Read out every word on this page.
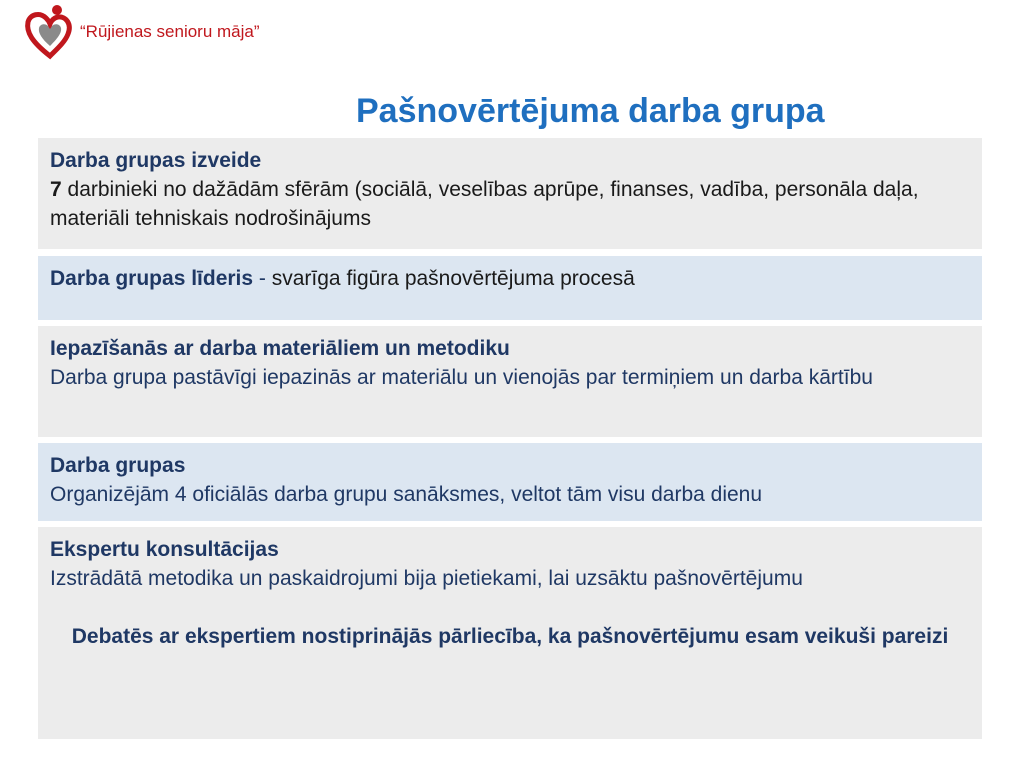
“Rūjienas senioru māja”
Pašnovērtējuma darba grupa
Darba grupas izveide
7 darbinieki no dažādām sfērām (sociālā, veselības aprūpe, finanses, vadība, personāla daļa, materiāli tehniskais nodrošinājums
Darba grupas līderis - svarīga figūra pašnovērtējuma procesā
Iepazīšanās ar darba materiāliem un metodiku
Darba grupa pastāvīgi iepazinās ar materiālu un vienojās par termiņiem un darba kārtību
Darba grupas
Organizējām 4 oficiālās darba grupu sanāksmes, veltot tām visu darba dienu
Ekspertu konsultācijas
Izstrādātā metodika un paskaidrojumi bija pietiekami, lai uzsāktu pašnovērtējumu
Debatēs ar ekspertiem nostiprinājās pārliecība, ka pašnovērtējumu esam veikuši pareizi
